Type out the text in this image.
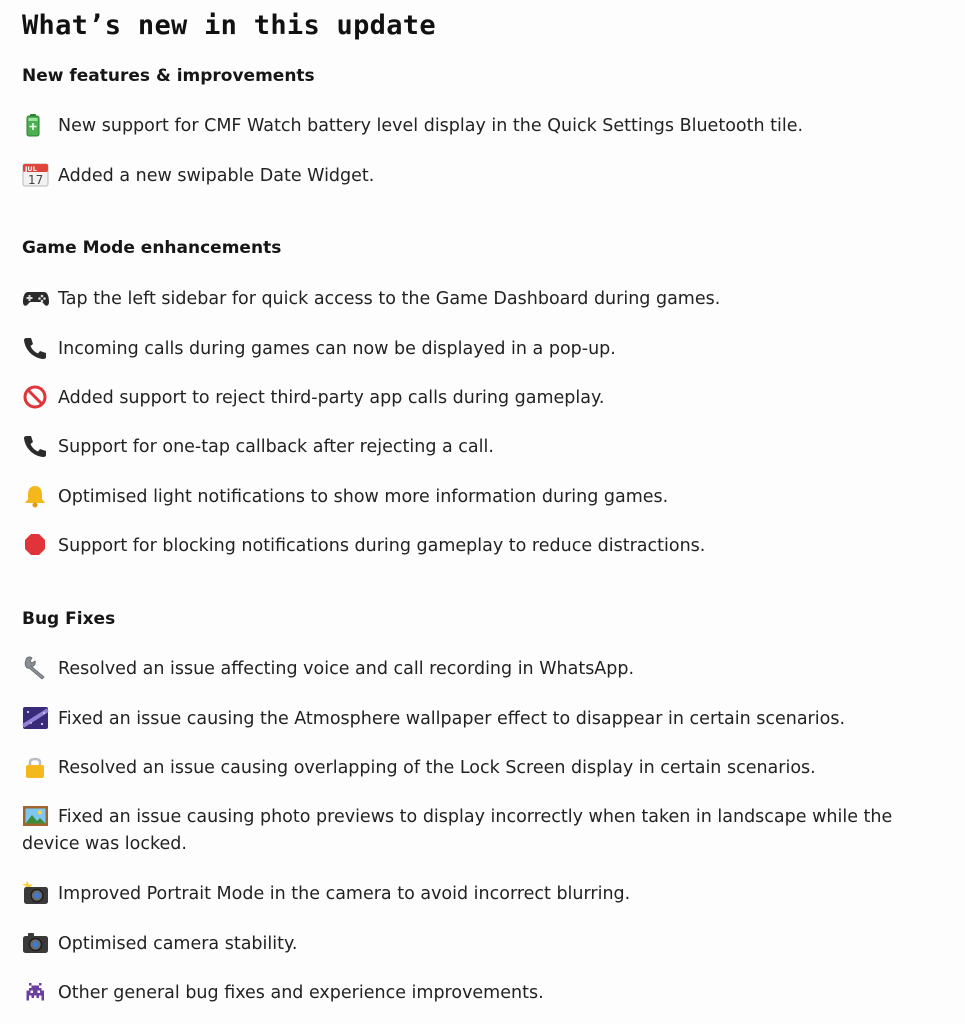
What’s new in this update
New features & improvements
New support for CMF Watch battery level display in the Quick Settings Bluetooth tile.
JUL
17 Added a new swipable Date Widget.
Game Mode enhancements
Tap the left sidebar for quick access to the Game Dashboard during games.
Incoming calls during games can now be displayed in a pop-up.
Added support to reject third-party app calls during gameplay.
Support for one-tap callback after rejecting a call.
Optimised light notifications to show more information during games.
Support for blocking notifications during gameplay to reduce distractions.
Bug Fixes
Resolved an issue affecting voice and call recording in WhatsApp.
Fixed an issue causing the Atmosphere wallpaper effect to disappear in certain scenarios.
Resolved an issue causing overlapping of the Lock Screen display in certain scenarios.
Fixed an issue causing photo previews to display incorrectly when taken in landscape while the device was locked.
Improved Portrait Mode in the camera to avoid incorrect blurring.
Optimised camera stability.
Other general bug fixes and experience improvements.
